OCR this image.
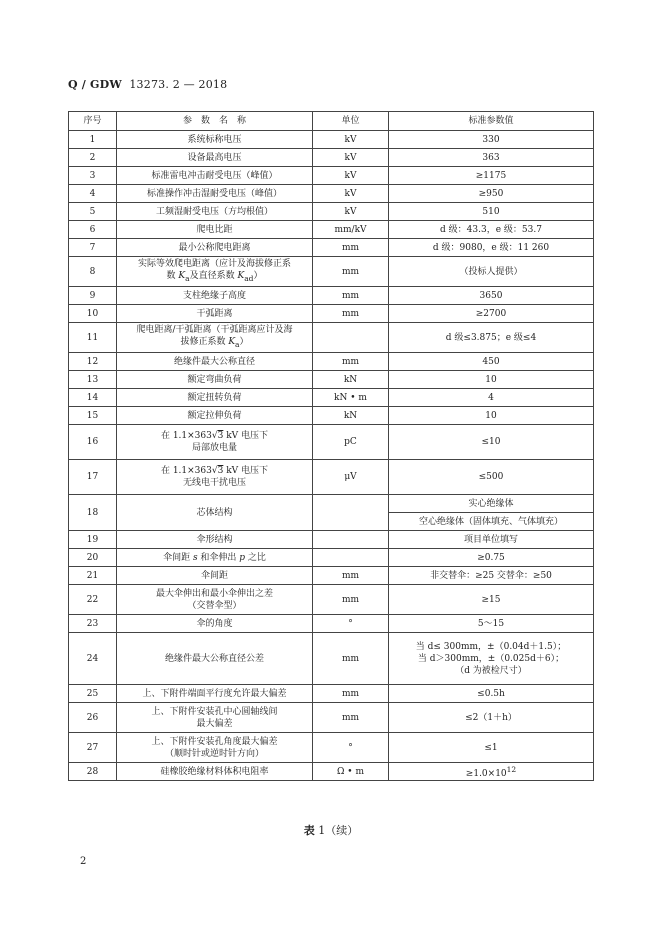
Q / GDW 13273. 2 — 2018
序号	参　数　名　称	单位	标准参数值
1	系统标称电压	kV	330
2	设备最高电压	kV	363
3	标准雷电冲击耐受电压（峰值）	kV	≥1175
4	标准操作冲击湿耐受电压（峰值）	kV	≥950
5	工频湿耐受电压（方均根值）	kV	510
6	爬电比距	mm/kV	d 级：43.3，e 级：53.7
7	最小公称爬电距离	mm	d 级：9080，e 级：11 260
8	实际等效爬电距离（应计及海拔修正系
数 $K_a$及直径系数 $K_{ad}$）	mm	（投标人提供）
9	支柱绝缘子高度	mm	3650
10	干弧距离	mm	≥2700
11	爬电距离/干弧距离（干弧距离应计及海
拔修正系数 $K_a$）		d 级≤3.875；e 级≤4
12	绝缘件最大公称直径	mm	450
13	额定弯曲负荷	kN	10
14	额定扭转负荷	kN • m	4
15	额定拉伸负荷	kN	10
16	在 1.1×363√3 kV 电压下
局部放电量	pC	≤10
17	在 1.1×363√3 kV 电压下
无线电干扰电压	μV	≤500
18	芯体结构		实心绝缘体
			空心绝缘体（固体填充、气体填充）
19	伞形结构		项目单位填写
20	伞间距 s 和伞伸出 p 之比		≥0.75
21	伞间距	mm	非交替伞：≥25 交替伞：≥50
22	最大伞伸出和最小伞伸出之差
（交替伞型）	mm	≥15
23	伞的角度	°	5～15
24	绝缘件最大公称直径公差	mm	当 d≤ 300mm，±（0.04d＋1.5）；
当 d＞300mm，±（0.025d＋6）；
（d 为被检尺寸）
25	上、下附件端面平行度允许最大偏差	mm	≤0.5h
26	上、下附件安装孔中心圆轴线间
最大偏差	mm	≤2（1＋h）
27	上、下附件安装孔角度最大偏差
（顺时针或逆时针方向）	°	≤1
28	硅橡胶绝缘材料体积电阻率	Ω • m	$\ge 1.0\times 10^{12}$
表 1（续）
2
